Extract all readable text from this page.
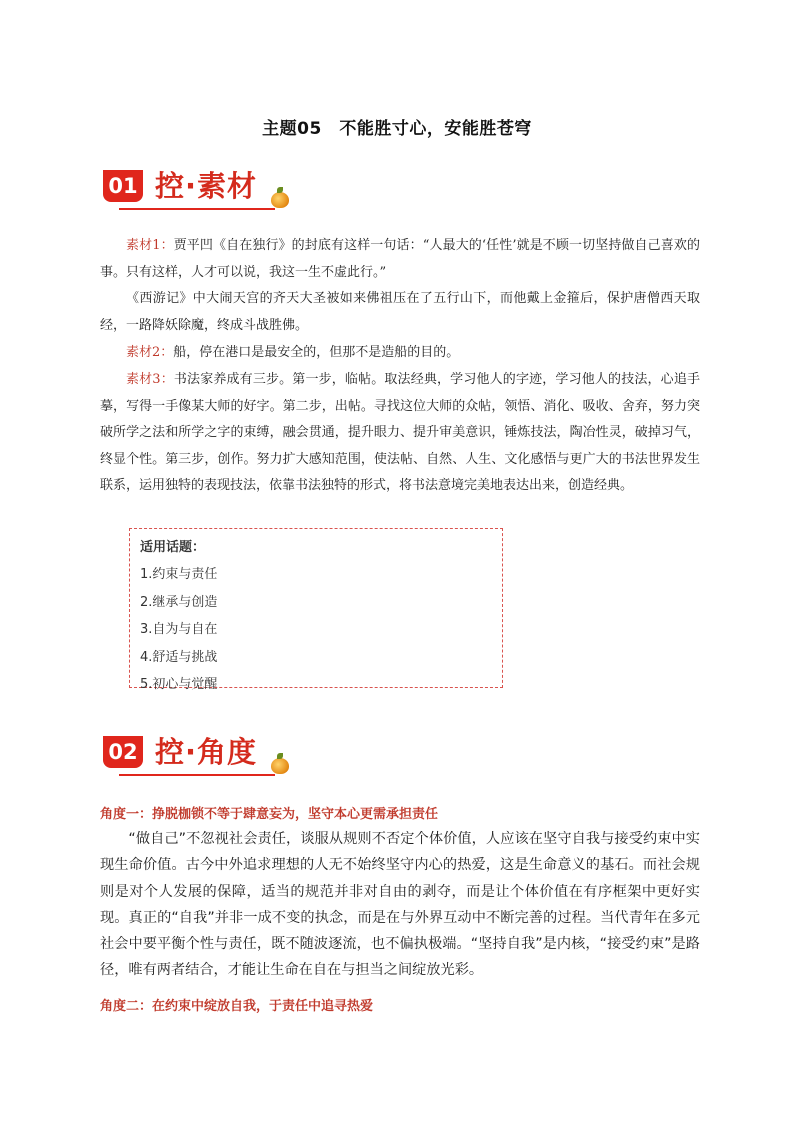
主题05　不能胜寸心，安能胜苍穹
01 控·素材

素材1：贾平凹《自在独行》的封底有这样一句话：“人最大的‘任性’就是不顾一切坚持做自己喜欢的事。只有这样，人才可以说，我这一生不虚此行。”

《西游记》中大闹天宫的齐天大圣被如来佛祖压在了五行山下，而他戴上金箍后，保护唐僧西天取经，一路降妖除魔，终成斗战胜佛。

素材2：船，停在港口是最安全的，但那不是造船的目的。

素材3：书法家养成有三步。第一步，临帖。取法经典，学习他人的字迹，学习他人的技法，心追手摹，写得一手像某大师的好字。第二步，出帖。寻找这位大师的众帖，领悟、消化、吸收、舍弃，努力突破所学之法和所学之字的束缚，融会贯通，提升眼力、提升审美意识，锤炼技法，陶冶性灵，破掉习气，终显个性。第三步，创作。努力扩大感知范围，使法帖、自然、人生、文化感悟与更广大的书法世界发生联系，运用独特的表现技法，依靠书法独特的形式，将书法意境完美地表达出来，创造经典。

适用话题：
1.约束与责任
2.继承与创造
3.自为与自在
4.舒适与挑战
5.初心与觉醒
02 控·角度
角度一：挣脱枷锁不等于肆意妄为，坚守本心更需承担责任

“做自己”不忽视社会责任，谈服从规则不否定个体价值，人应该在坚守自我与接受约束中实现生命价值。古今中外追求理想的人无不始终坚守内心的热爱，这是生命意义的基石。而社会规则是对个人发展的保障，适当的规范并非对自由的剥夺，而是让个体价值在有序框架中更好实现。真正的“自我”并非一成不变的执念，而是在与外界互动中不断完善的过程。当代青年在多元社会中要平衡个性与责任，既不随波逐流，也不偏执极端。“坚持自我”是内核，“接受约束”是路径，唯有两者结合，才能让生命在自在与担当之间绽放光彩。

角度二：在约束中绽放自我，于责任中追寻热爱
